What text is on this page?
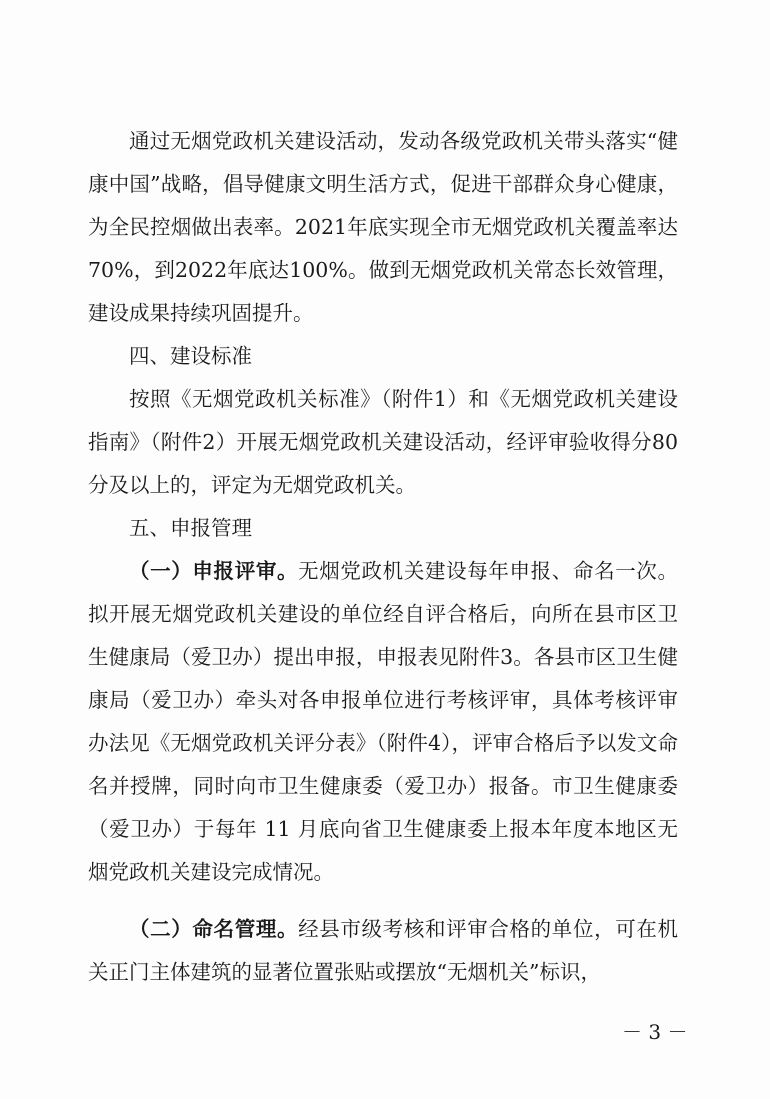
通过无烟党政机关建设活动，发动各级党政机关带头落实“健康中国”战略，倡导健康文明生活方式，促进干部群众身心健康，为全民控烟做出表率。2021年底实现全市无烟党政机关覆盖率达70%，到2022年底达100%。做到无烟党政机关常态长效管理，建设成果持续巩固提升。

四、建设标准

按照《无烟党政机关标准》（附件1）和《无烟党政机关建设指南》（附件2）开展无烟党政机关建设活动，经评审验收得分80分及以上的，评定为无烟党政机关。

五、申报管理

（一）申报评审。无烟党政机关建设每年申报、命名一次。拟开展无烟党政机关建设的单位经自评合格后，向所在县市区卫生健康局（爱卫办）提出申报，申报表见附件3。各县市区卫生健康局（爱卫办）牵头对各申报单位进行考核评审，具体考核评审办法见《无烟党政机关评分表》（附件4），评审合格后予以发文命名并授牌，同时向市卫生健康委（爱卫办）报备。市卫生健康委（爱卫办）于每年 11 月底向省卫生健康委上报本年度本地区无烟党政机关建设完成情况。

（二）命名管理。经县市级考核和评审合格的单位，可在机关正门主体建筑的显著位置张贴或摆放“无烟机关”标识，

－ 3 －
